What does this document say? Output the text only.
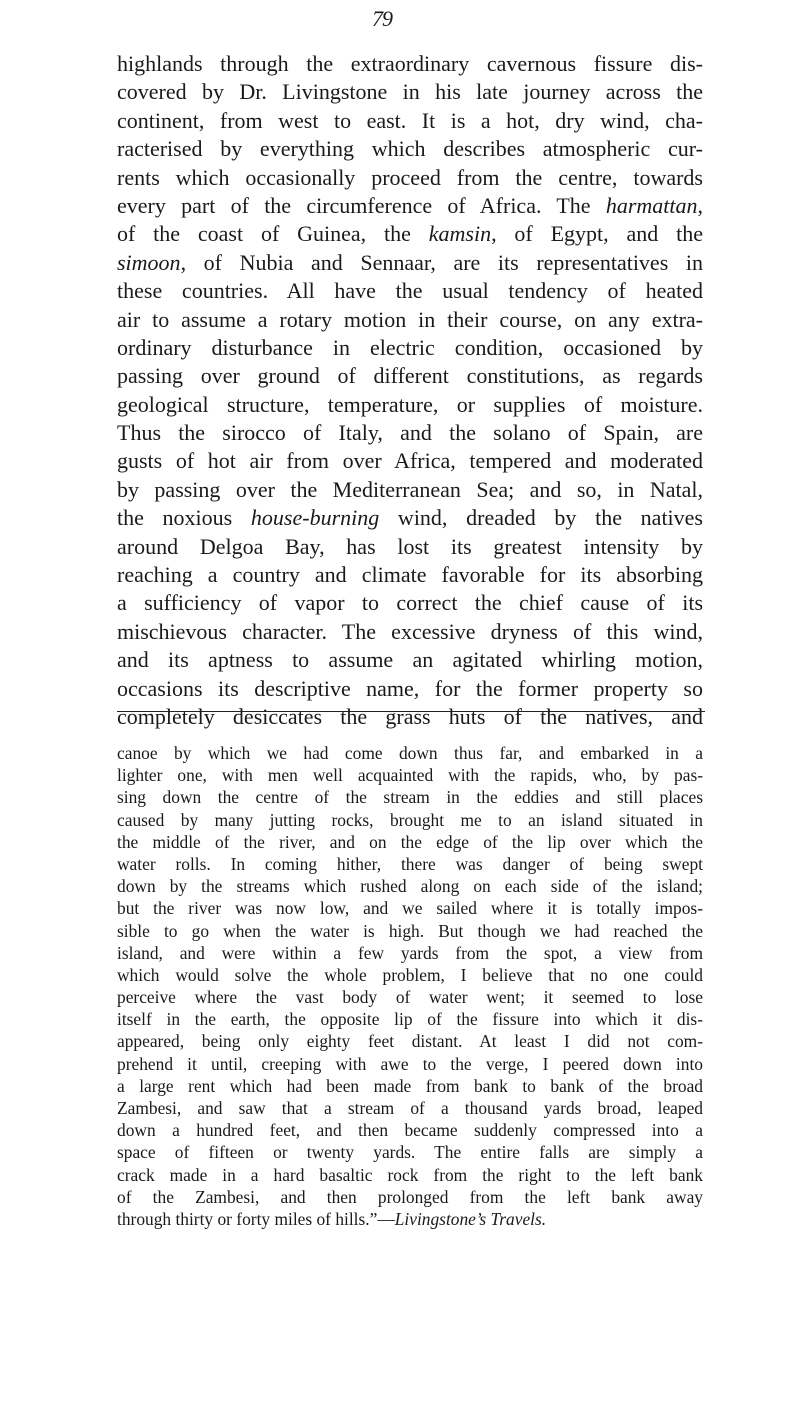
79
highlands through the extraordinary cavernous fissure dis-
covered by Dr. Livingstone in his late journey across the
continent, from west to east. It is a hot, dry wind, cha-
racterised by everything which describes atmospheric cur-
rents which occasionally proceed from the centre, towards
every part of the circumference of Africa. The harmattan,
of the coast of Guinea, the kamsin, of Egypt, and the
simoon, of Nubia and Sennaar, are its representatives in
these countries. All have the usual tendency of heated
air to assume a rotary motion in their course, on any extra-
ordinary disturbance in electric condition, occasioned by
passing over ground of different constitutions, as regards
geological structure, temperature, or supplies of moisture.
Thus the sirocco of Italy, and the solano of Spain, are
gusts of hot air from over Africa, tempered and moderated
by passing over the Mediterranean Sea; and so, in Natal,
the noxious house-burning wind, dreaded by the natives
around Delgoa Bay, has lost its greatest intensity by
reaching a country and climate favorable for its absorbing
a sufficiency of vapor to correct the chief cause of its
mischievous character. The excessive dryness of this wind,
and its aptness to assume an agitated whirling motion,
occasions its descriptive name, for the former property so
completely desiccates the grass huts of the natives, and
canoe by which we had come down thus far, and embarked in a
lighter one, with men well acquainted with the rapids, who, by pas-
sing down the centre of the stream in the eddies and still places
caused by many jutting rocks, brought me to an island situated in
the middle of the river, and on the edge of the lip over which the
water rolls. In coming hither, there was danger of being swept
down by the streams which rushed along on each side of the island;
but the river was now low, and we sailed where it is totally impos-
sible to go when the water is high. But though we had reached the
island, and were within a few yards from the spot, a view from
which would solve the whole problem, I believe that no one could
perceive where the vast body of water went; it seemed to lose
itself in the earth, the opposite lip of the fissure into which it dis-
appeared, being only eighty feet distant. At least I did not com-
prehend it until, creeping with awe to the verge, I peered down into
a large rent which had been made from bank to bank of the broad
Zambesi, and saw that a stream of a thousand yards broad, leaped
down a hundred feet, and then became suddenly compressed into a
space of fifteen or twenty yards. The entire falls are simply a
crack made in a hard basaltic rock from the right to the left bank
of the Zambesi, and then prolonged from the left bank away
through thirty or forty miles of hills.”—Livingstone’s Travels.
